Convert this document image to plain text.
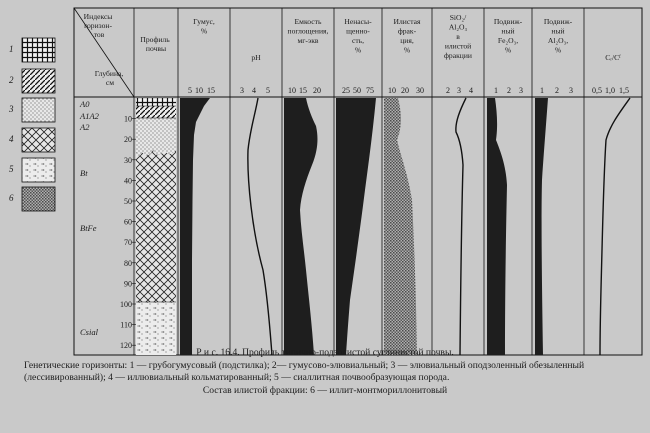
1
2
3
4
5
6
Индексы горизон- тов
Глубина, см
Профиль почвы
Гумус, %
pH
Емкость поглощения, мг-экв
Ненасы-щенно-сть, %
Илистая фрак-ция, %
SiO₂/ Al₂O₃ в илистой фракции
Подвиж-ный Fe₂O₃, %
Подвиж-ный Al₂O₃, %
Cᵣ/Cᶠ
5 10 15	3 4 5 10 15 20	25 50 75 10 20 30	2 3 4	1 2 3 1 2 3 0,5 1,0 1,5
10
20
30
40
50
60
70
80
90
100
110
120
A0
A1A2
A2
Bt
BtFe
Csial
Р и с. 16.4. Профиль типично-подзолистой суглинистой почвы.
Генетические горизонты: 1 — грубогумусовый (подстилка); 2— гумусово-элювиальный; 3 — элювиальный оподзоленный обезыленный (лессивированный); 4 — иллювиальный кольматированный; 5 — сиаллитная почвообразующая порода.
Состав илистой фракции: 6 — иллит-монтмориллонитовый
